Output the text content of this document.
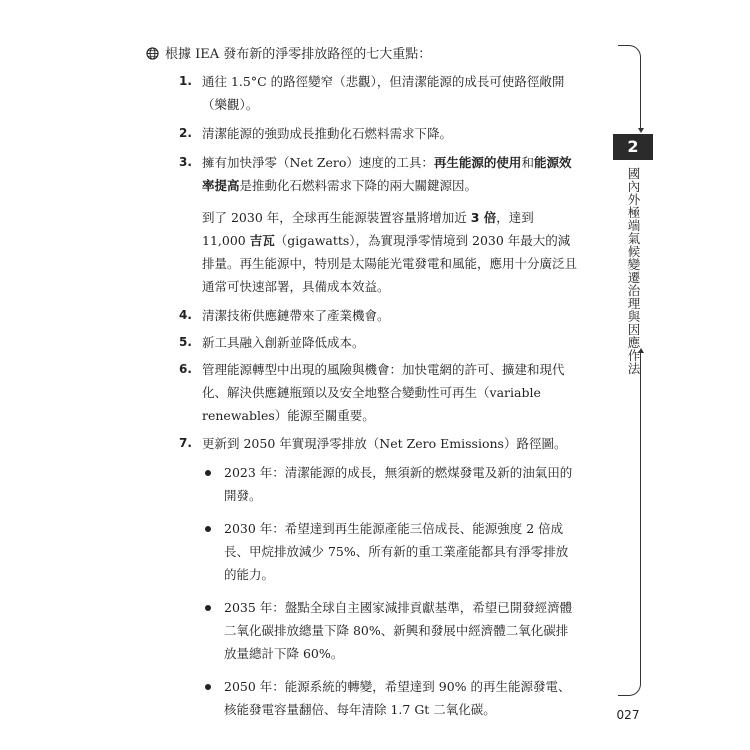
根據 IEA 發布新的淨零排放路徑的七大重點：
1. 通往 1.5°C 的路徑變窄（悲觀），但清潔能源的成長可使路徑敞開（樂觀）。
2. 清潔能源的強勁成長推動化石燃料需求下降。
3. 擁有加快淨零（Net Zero）速度的工具：再生能源的使用和能源效率提高是推動化石燃料需求下降的兩大關鍵源因。
到了 2030 年，全球再生能源裝置容量將增加近 3 倍，達到 11,000 吉瓦（gigawatts），為實現淨零情境到 2030 年最大的減排量。再生能源中，特別是太陽能光電發電和風能，應用十分廣泛且通常可快速部署，具備成本效益。
4. 清潔技術供應鏈帶來了產業機會。
5. 新工具融入創新並降低成本。
6. 管理能源轉型中出現的風險與機會：加快電網的許可、擴建和現代化、解決供應鏈瓶頸以及安全地整合變動性可再生（variable renewables）能源至關重要。
7. 更新到 2050 年實現淨零排放（Net Zero Emissions）路徑圖。
2023 年：清潔能源的成長，無須新的燃煤發電及新的油氣田的開發。
2030 年：希望達到再生能源產能三倍成長、能源強度 2 倍成長、甲烷排放減少 75%、所有新的重工業產能都具有淨零排放的能力。
2035 年：盤點全球自主國家減排貢獻基準，希望已開發經濟體二氧化碳排放總量下降 80%、新興和發展中經濟體二氧化碳排放量總計下降 60%。
2050 年：能源系統的轉變，希望達到 90% 的再生能源發電、核能發電容量翻倍、每年清除 1.7 Gt 二氧化碳。
2
國內外極端氣候變遷治理與因應作法
027
